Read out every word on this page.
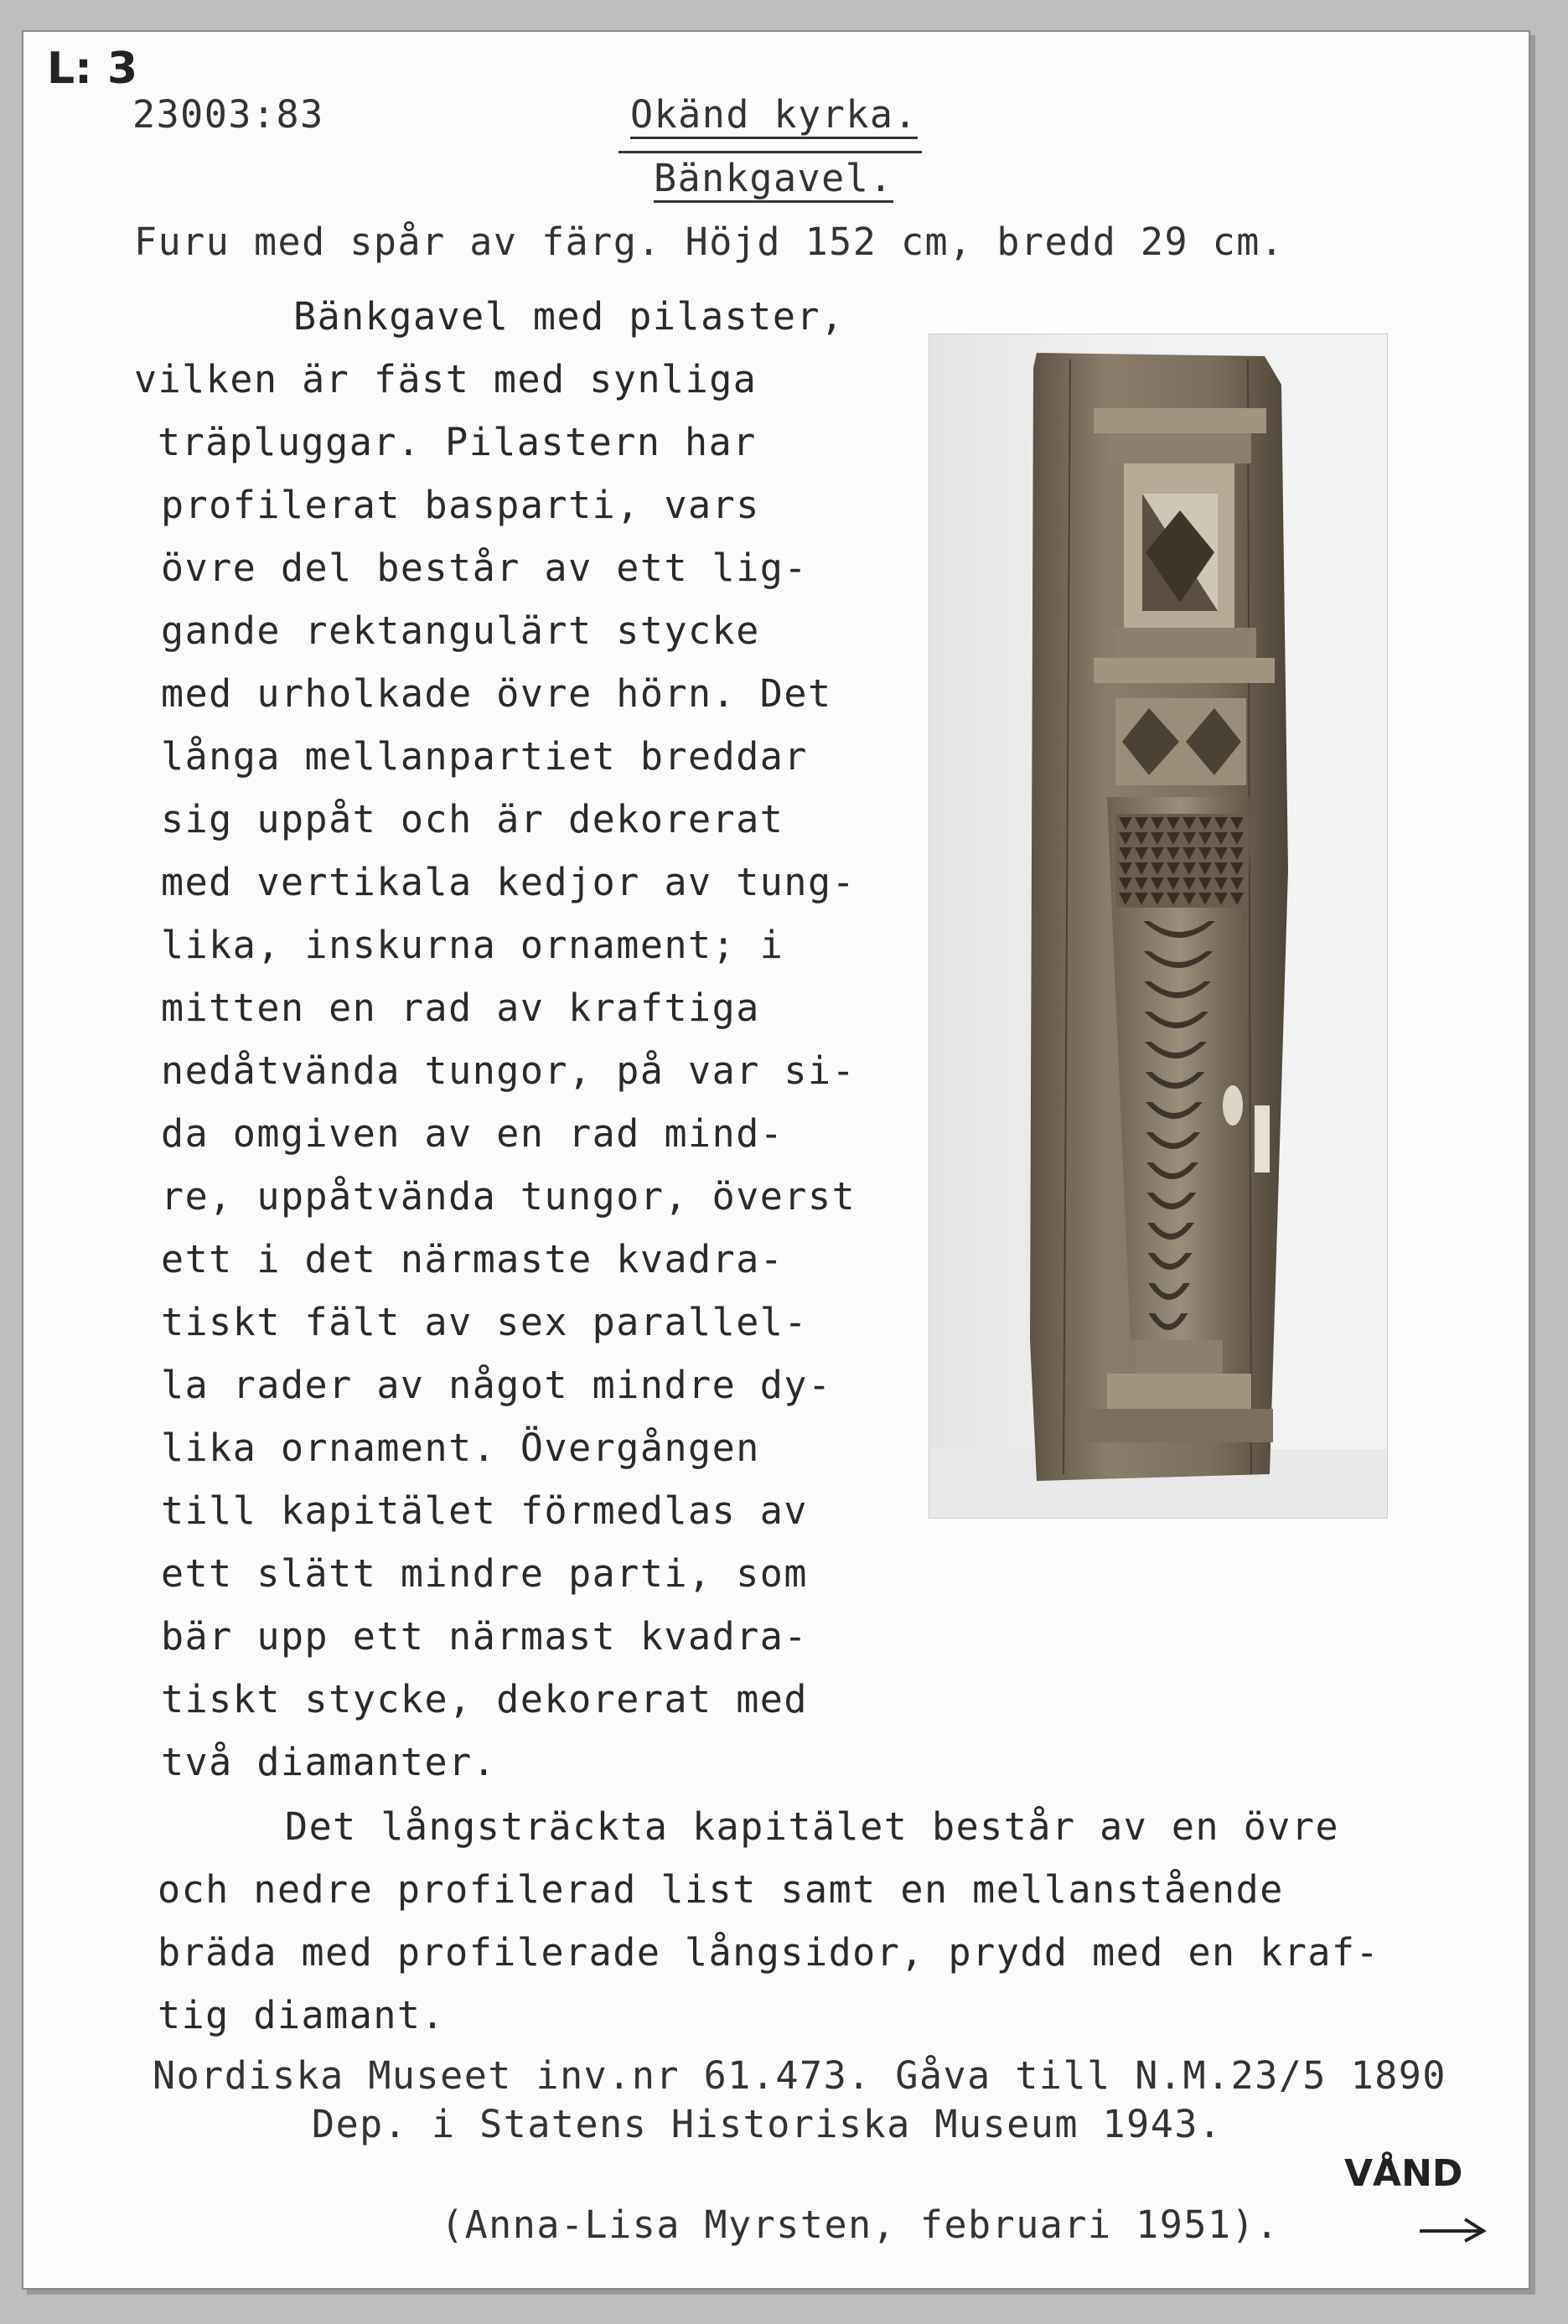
L: 3
23003:83	Okänd kyrka.
Bänkgavel.
Furu med spår av färg. Höjd 152 cm, bredd 29 cm.
Bänkgavel med pilaster,
vilken är fäst med synliga
träpluggar. Pilastern har
profilerat basparti, vars
övre del består av ett lig-
gande rektangulärt stycke
med urholkade övre hörn. Det
långa mellanpartiet breddar
sig uppåt och är dekorerat
med vertikala kedjor av tung-
lika, inskurna ornament; i
mitten en rad av kraftiga
nedåtvända tungor, på var si-
da omgiven av en rad mind-
re, uppåtvända tungor, överst
ett i det närmaste kvadra-
tiskt fält av sex parallel-
la rader av något mindre dy-
lika ornament. Övergången
till kapitälet förmedlas av
ett slätt mindre parti, som
bär upp ett närmast kvadra-
tiskt stycke, dekorerat med
två diamanter.
Det långsträckta kapitälet består av en övre
och nedre profilerad list samt en mellanstående
bräda med profilerade långsidor, prydd med en kraf-
tig diamant.
Nordiska Museet inv.nr 61.473. Gåva till N.M.23/5 1890
Dep. i Statens Historiska Museum 1943.
(Anna-Lisa Myrsten, februari 1951).
VÅND
